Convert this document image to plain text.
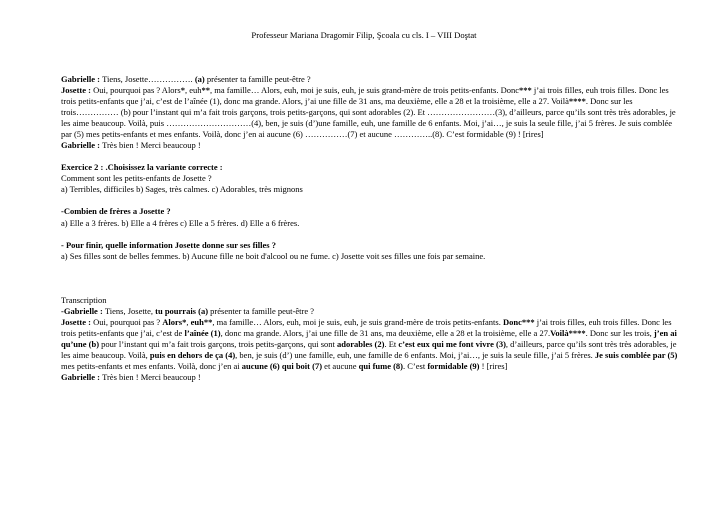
Professeur Mariana Dragomir Filip, Şcoala cu cls. I – VIII Doştat

Gabrielle : Tiens, Josette……………. (a) présenter ta famille peut-être ?

Josette : Oui, pourquoi pas ? Alors*, euh**, ma famille… Alors, euh, moi je suis, euh, je suis grand-mère de trois petits-enfants. Donc*** j’ai trois filles, euh trois filles. Donc les trois petits-enfants que j’ai, c’est de l’aînée (1), donc ma grande. Alors, j’ai une fille de 31 ans, ma deuxième, elle a 28 et la troisième, elle a 27. Voilà****. Donc sur les trois…………… (b) pour l’instant qui m’a fait trois garçons, trois petits-garçons, qui sont adorables (2). Et ……………………(3), d’ailleurs, parce qu’ils sont très très adorables, je les aime beaucoup. Voilà, puis …………………………(4), ben, je suis (d’)une famille, euh, une famille de 6 enfants. Moi, j’ai…, je suis la seule fille, j’ai 5 frères. Je suis comblée par (5) mes petits-enfants et mes enfants. Voilà, donc j’en ai aucune (6) ……………(7) et aucune …………..(8). C’est formidable (9) ! [rires]

Gabrielle : Très bien ! Merci beaucoup !

Exercice 2 : .Choisissez la variante correcte :

Comment sont les petits-enfants de Josette ?

a) Terribles, difficiles b) Sages, très calmes. c) Adorables, très mignons

-Combien de frères a Josette ?

a) Elle a 3 frères. b) Elle a 4 frères c) Elle a 5 frères. d) Elle a 6 frères.

- Pour finir, quelle information Josette donne sur ses filles ?

a) Ses filles sont de belles femmes. b) Aucune fille ne boit d'alcool ou ne fume. c) Josette voit ses filles une fois par semaine.

Transcription

-Gabrielle : Tiens, Josette, tu pourrais (a) présenter ta famille peut-être ?

Josette : Oui, pourquoi pas ? Alors*, euh**, ma famille… Alors, euh, moi je suis, euh, je suis grand-mère de trois petits-enfants. Donc*** j’ai trois filles, euh trois filles. Donc les trois petits-enfants que j’ai, c’est de l’aînée (1), donc ma grande. Alors, j’ai une fille de 31 ans, ma deuxième, elle a 28 et la troisième, elle a 27.Voilà****. Donc sur les trois, j’en ai qu’une (b) pour l’instant qui m’a fait trois garçons, trois petits-garçons, qui sont adorables (2). Et c’est eux qui me font vivre (3), d’ailleurs, parce qu’ils sont très très adorables, je les aime beaucoup. Voilà, puis en dehors de ça (4), ben, je suis (d’) une famille, euh, une famille de 6 enfants. Moi, j’ai…, je suis la seule fille, j’ai 5 frères. Je suis comblée par (5) mes petits-enfants et mes enfants. Voilà, donc j’en ai aucune (6) qui boit (7) et aucune qui fume (8). C’est formidable (9) ! [rires]

Gabrielle : Très bien ! Merci beaucoup !
